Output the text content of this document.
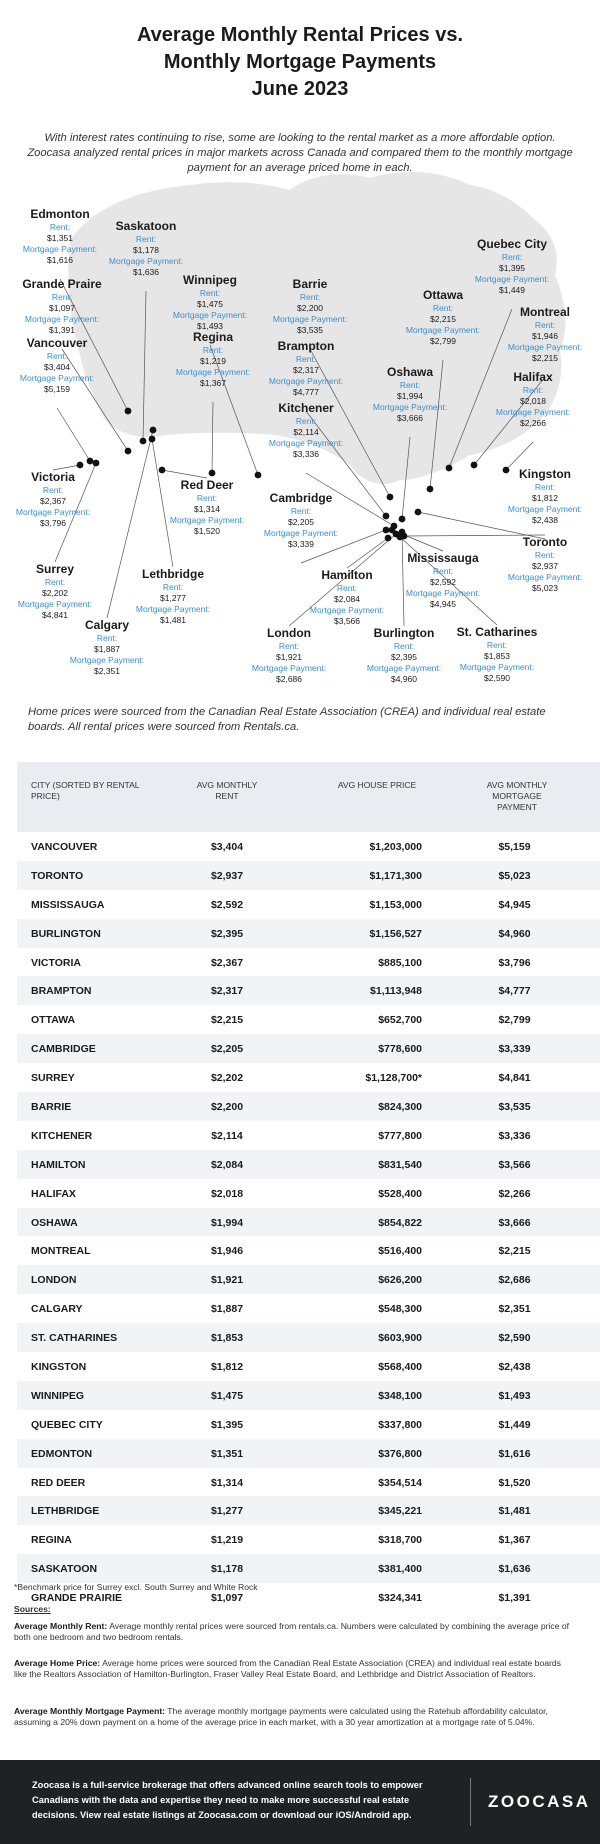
Average Monthly Rental Prices vs.
Monthly Mortgage Payments
June 2023
With interest rates continuing to rise, some are looking to the rental market as a more affordable option. Zoocasa analyzed rental prices in major markets across Canada and compared them to the monthly mortgage payment for an average priced home in each.
Edmonton
Rent:
$1,351
Mortgage Payment:
$1,616
Saskatoon
Rent:
$1,178
Mortgage Payment:
$1,636
Grande Praire
Rent:
$1,097
Mortgage Payment:
$1,391
Winnipeg
Rent:
$1,475
Mortgage Payment:
$1,493
Barrie
Rent:
$2,200
Mortgage Payment:
$3,535
Quebec City
Rent:
$1,395
Mortgage Payment:
$1,449
Ottawa
Rent:
$2,215
Mortgage Payment:
$2,799
Montreal
Rent:
$1,946
Mortgage Payment:
$2,215
Vancouver
Rent:
$3,404
Mortgage Payment:
$5,159
Regina
Rent:
$1,219
Mortgage Payment:
$1,367
Brampton
Rent:
$2,317
Mortgage Payment:
$4,777
Oshawa
Rent:
$1,994
Mortgage Payment:
$3,666
Halifax
Rent:
$2,018
Mortgage Payment:
$2,266
Kitchener
Rent:
$2,114
Mortgage Payment:
$3,336
Victoria
Rent:
$2,367
Mortgage Payment:
$3,796
Red Deer
Rent:
$1,314
Mortgage Payment:
$1,520
Kingston
Rent:
$1,812
Mortgage Payment:
$2,438
Cambridge
Rent:
$2,205
Mortgage Payment:
$3,339	Toronto
Rent:
$2,937
Mortgage Payment:
$5,023
Surrey
Rent:
$2,202
Mortgage Payment:
$4,841
Lethbridge
Rent:
$1,277
Mortgage Payment:
$1,481
Hamilton
Rent:
$2,084
Mortgage Payment:
$3,566
Mississauga
Rent:
$2,592
Mortgage Payment:
$4,945
Calgary
Rent:
$1,887
Mortgage Payment:
$2,351
London
Rent:
$1,921
Mortgage Payment:
$2,686
Burlington
Rent:
$2,395
Mortgage Payment:
$4,960
St. Catharines
Rent:
$1,853
Mortgage Payment:
$2,590
Home prices were sourced from the Canadian Real Estate Association (CREA) and individual real estate boards. All rental prices were sourced from Rentals.ca.
CITY (SORTED BY RENTAL PRICE)
AVG MONTHLY RENT
AVG HOUSE PRICE	AVG MONTHLY MORTGAGE PAYMENT
VANCOUVER	$3,404	$1,203,000	$5,159
TORONTO	$2,937	$1,171,300	$5,023
MISSISSAUGA	$2,592	$1,153,000	$4,945
BURLINGTON	$2,395	$1,156,527	$4,960
VICTORIA	$2,367	$885,100	$3,796
BRAMPTON	$2,317	$1,113,948	$4,777
OTTAWA	$2,215	$652,700	$2,799
CAMBRIDGE	$2,205	$778,600	$3,339
SURREY	$2,202	$1,128,700*	$4,841
BARRIE	$2,200	$824,300	$3,535
KITCHENER	$2,114	$777,800	$3,336
HAMILTON	$2,084	$831,540	$3,566
HALIFAX	$2,018	$528,400	$2,266
OSHAWA	$1,994	$854,822	$3,666
MONTREAL	$1,946	$516,400	$2,215
LONDON	$1,921	$626,200	$2,686
CALGARY	$1,887	$548,300	$2,351
ST. CATHARINES	$1,853	$603,900	$2,590
KINGSTON	$1,812	$568,400	$2,438
WINNIPEG	$1,475	$348,100	$1,493
QUEBEC CITY	$1,395	$337,800	$1,449
EDMONTON	$1,351	$376,800	$1,616
RED DEER	$1,314	$354,514	$1,520
LETHBRIDGE	$1,277	$345,221	$1,481
REGINA	$1,219	$318,700	$1,367
SASKATOON	$1,178	$381,400	$1,636
GRANDE PRAIRIE	$1,097	$324,341	$1,391
*Benchmark price for Surrey excl. South Surrey and White Rock
Sources:
Average Monthly Rent: Average monthly rental prices were sourced from rentals.ca. Numbers were calculated by combining the average price of both one bedroom and two bedroom rentals.
Average Home Price: Average home prices were sourced from the Canadian Real Estate Association (CREA) and individual real estate boards like the Realtors Association of Hamilton-Burlington, Fraser Valley Real Estate Board, and Lethbridge and District Association of Realtors.
Average Monthly Mortgage Payment: The average monthly mortgage payments were calculated using the Ratehub affordability calculator, assuming a 20% down payment on a home of the average price in each market, with a 30 year amortization at a mortgage rate of 5.04%.
Zoocasa is a full-service brokerage that offers advanced online search tools to empower Canadians with the data and expertise they need to make more successful real estate decisions. View real estate listings at Zoocasa.com or download our iOS/Android app.
ZOOCASA
